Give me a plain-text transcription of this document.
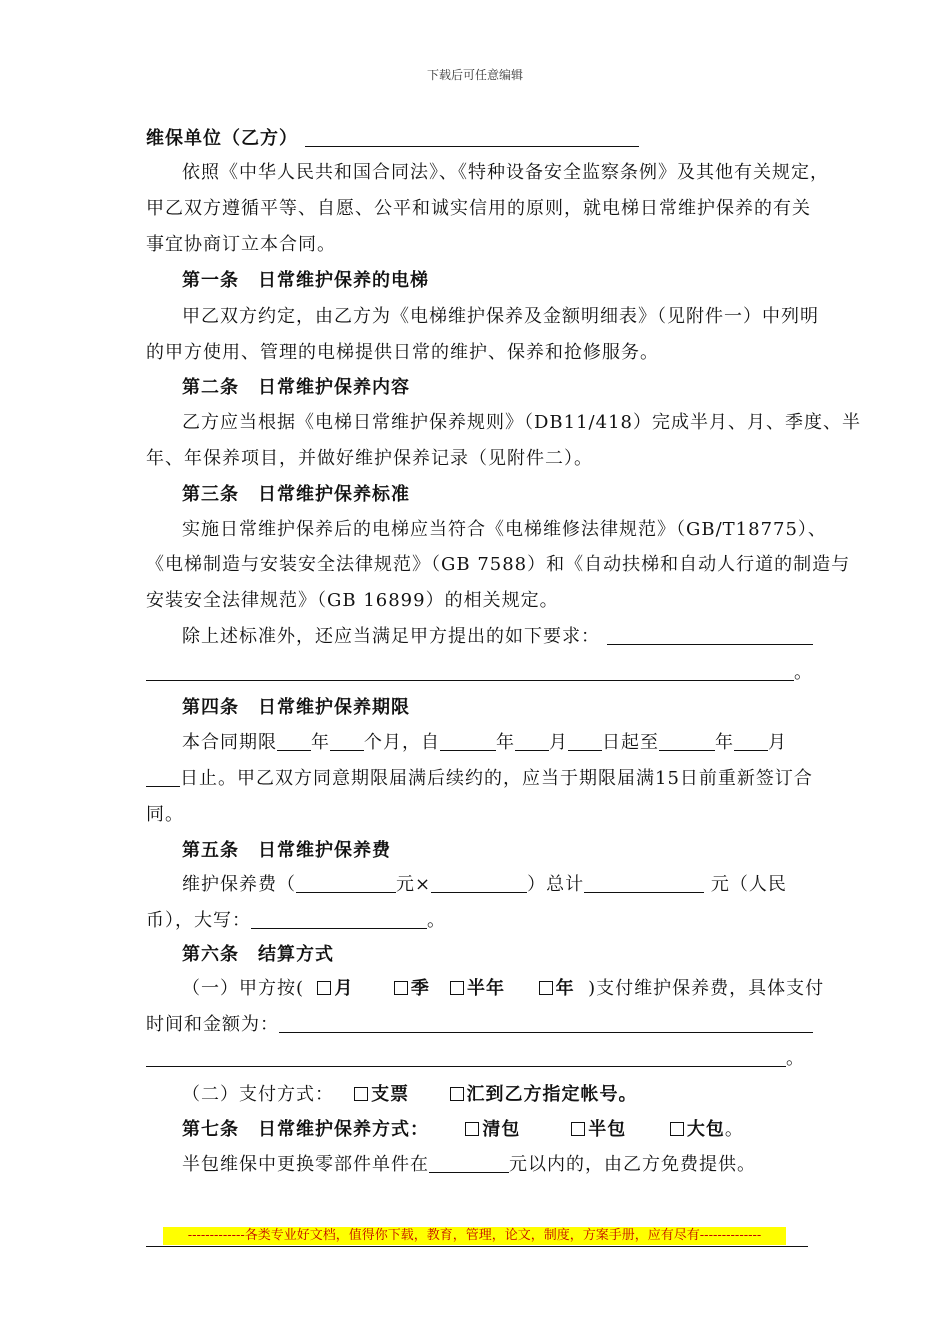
下载后可任意编辑
维保单位（乙方）
依照《中华人民共和国合同法》、《特种设备安全监察条例》及其他有关规定，
甲乙双方遵循平等、自愿、公平和诚实信用的原则，就电梯日常维护保养的有关
事宜协商订立本合同。
第一条　日常维护保养的电梯
甲乙双方约定，由乙方为《电梯维护保养及金额明细表》（见附件一）中列明
的甲方使用、管理的电梯提供日常的维护、保养和抢修服务。
第二条　日常维护保养内容
乙方应当根据《电梯日常维护保养规则》（DB11/418）完成半月、月、季度、半
年、年保养项目，并做好维护保养记录（见附件二）。
第三条　日常维护保养标准
实施日常维护保养后的电梯应当符合《电梯维修法律规范》（GB/T18775）、
《电梯制造与安装安全法律规范》（GB 7588）和《自动扶梯和自动人行道的制造与
安装安全法律规范》（GB 16899）的相关规定。
除上述标准外，还应当满足甲方提出的如下要求：
。
第四条　日常维护保养期限
本合同期限 年 个月，自	年 月 日起至	年 月
日止。甲乙双方同意期限届满后续约的，应当于期限届满15日前重新签订合
同。
第五条　日常维护保养费
维护保养费（	元×	）总计	元（人民
币），大写：	。
第六条　结算方式
（一）甲方按( 月	季 半年	年 )支付维护保养费，具体支付
时间和金额为：
。
（二）支付方式： 支票	汇到乙方指定帐号。
第七条　日常维护保养方式：	清包	半包	大包。
半包维保中更换零部件单件在	元以内的，由乙方免费提供。
-------------各类专业好文档，值得你下载，教育，管理，论文，制度，方案手册，应有尽有--------------
